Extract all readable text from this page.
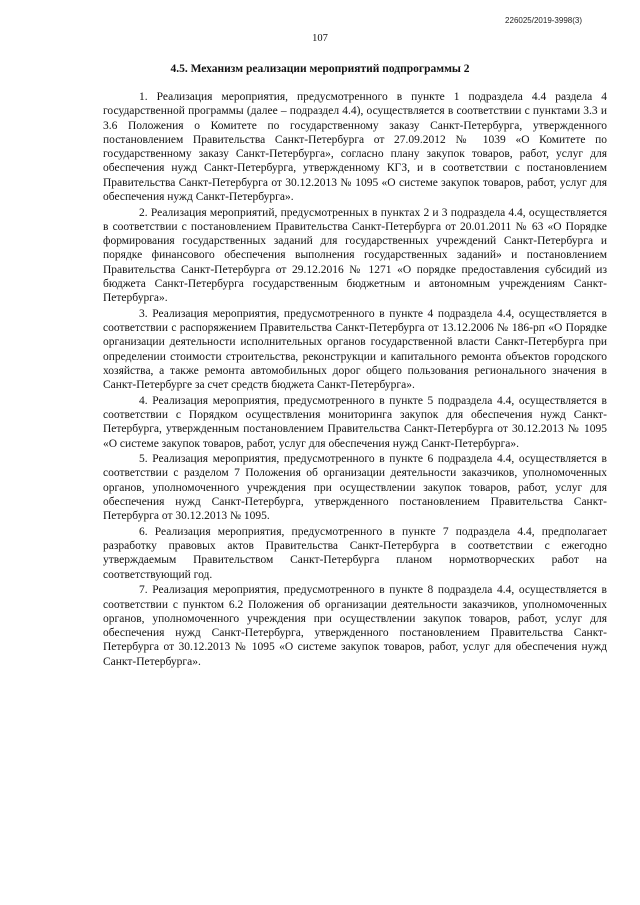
226025/2019-3998(3)
107
4.5. Механизм реализации мероприятий подпрограммы 2

1. Реализация мероприятия, предусмотренного в пункте 1 подраздела 4.4 раздела 4 государственной программы (далее – подраздел 4.4), осуществляется в соответствии с пунктами 3.3 и 3.6 Положения о Комитете по государственному заказу Санкт-Петербурга, утвержденного постановлением Правительства Санкт-Петербурга от 27.09.2012 № 1039 «О Комитете по государственному заказу Санкт-Петербурга», согласно плану закупок товаров, работ, услуг для обеспечения нужд Санкт-Петербурга, утвержденному КГЗ, и в соответствии с постановлением Правительства Санкт-Петербурга от 30.12.2013 № 1095 «О системе закупок товаров, работ, услуг для обеспечения нужд Санкт-Петербурга».

2. Реализация мероприятий, предусмотренных в пунктах 2 и 3 подраздела 4.4, осуществляется в соответствии с постановлением Правительства Санкт-Петербурга от 20.01.2011 № 63 «О Порядке формирования государственных заданий для государственных учреждений Санкт-Петербурга и порядке финансового обеспечения выполнения государственных заданий» и постановлением Правительства Санкт-Петербурга от 29.12.2016 № 1271 «О порядке предоставления субсидий из бюджета Санкт-Петербурга государственным бюджетным и автономным учреждениям Санкт-Петербурга».

3. Реализация мероприятия, предусмотренного в пункте 4 подраздела 4.4, осуществляется в соответствии с распоряжением Правительства Санкт-Петербурга от 13.12.2006 № 186-рп «О Порядке организации деятельности исполнительных органов государственной власти Санкт-Петербурга при определении стоимости строительства, реконструкции и капитального ремонта объектов городского хозяйства, а также ремонта автомобильных дорог общего пользования регионального значения в Санкт-Петербурге за счет средств бюджета Санкт-Петербурга».

4. Реализация мероприятия, предусмотренного в пункте 5 подраздела 4.4, осуществляется в соответствии с Порядком осуществления мониторинга закупок для обеспечения нужд Санкт-Петербурга, утвержденным постановлением Правительства Санкт-Петербурга от 30.12.2013 № 1095 «О системе закупок товаров, работ, услуг для обеспечения нужд Санкт-Петербурга».

5. Реализация мероприятия, предусмотренного в пункте 6 подраздела 4.4, осуществляется в соответствии с разделом 7 Положения об организации деятельности заказчиков, уполномоченных органов, уполномоченного учреждения при осуществлении закупок товаров, работ, услуг для обеспечения нужд Санкт-Петербурга, утвержденного постановлением Правительства Санкт-Петербурга от 30.12.2013 № 1095.

6. Реализация мероприятия, предусмотренного в пункте 7 подраздела 4.4, предполагает разработку правовых актов Правительства Санкт-Петербурга в соответствии с ежегодно утверждаемым Правительством Санкт-Петербурга планом нормотворческих работ на соответствующий год.

7. Реализация мероприятия, предусмотренного в пункте 8 подраздела 4.4, осуществляется в соответствии с пунктом 6.2 Положения об организации деятельности заказчиков, уполномоченных органов, уполномоченного учреждения при осуществлении закупок товаров, работ, услуг для обеспечения нужд Санкт-Петербурга, утвержденного постановлением Правительства Санкт-Петербурга от 30.12.2013 № 1095 «О системе закупок товаров, работ, услуг для обеспечения нужд Санкт-Петербурга».
